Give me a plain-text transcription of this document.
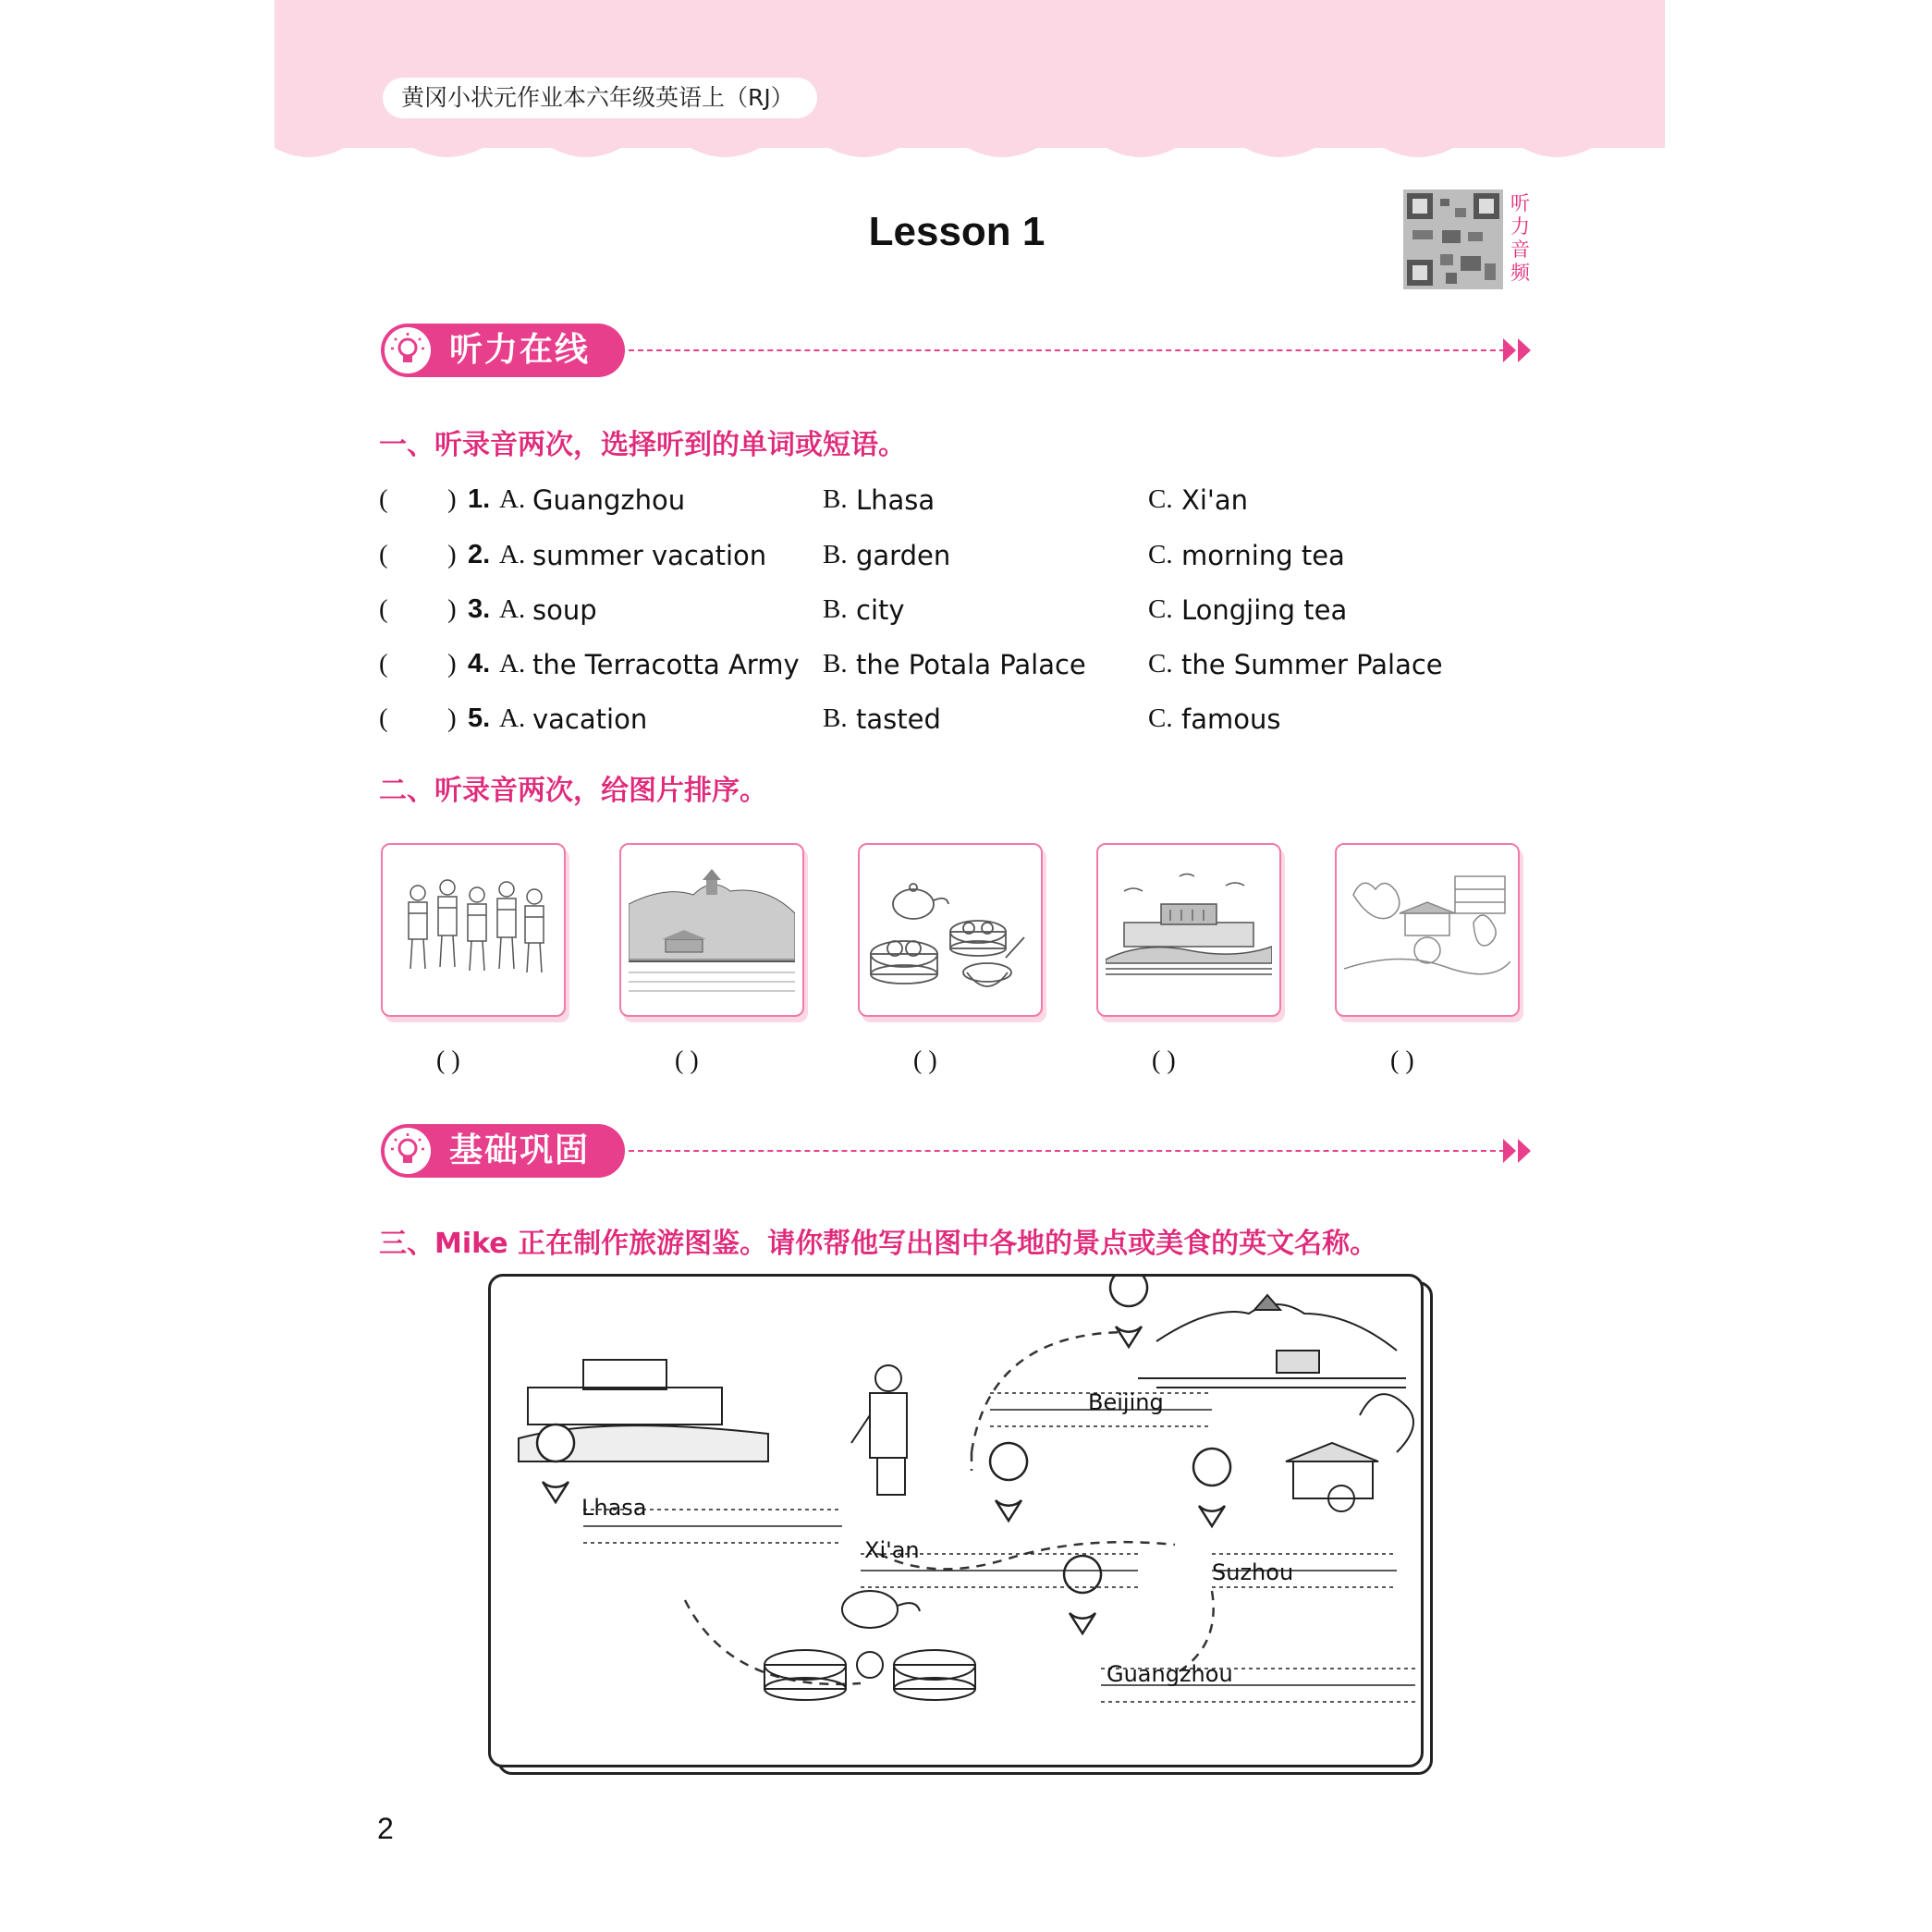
黄冈小状元作业本六年级英语上（RJ）
Lesson 1
听力音频
听力在线
一、听录音两次，选择听到的单词或短语。
( ) 1. A. Guangzhou	B. Lhasa	C. Xi'an
( ) 2. A. summer vacation B. garden	C. morning tea
( ) 3. A. soup	B. city	C. Longjing tea
( ) 4. A. the Terracotta Army B. the Potala Palace C. the Summer Palace
( ) 5. A. vacation	B. tasted	C. famous
二、听录音两次，给图片排序。
( )	( )	( )	( )	( )
基础巩固
三、Mike 正在制作旅游图鉴。请你帮他写出图中各地的景点或美食的英文名称。
Beijing
Lhasa
Xi'an
Suzhou
Guangzhou
2
